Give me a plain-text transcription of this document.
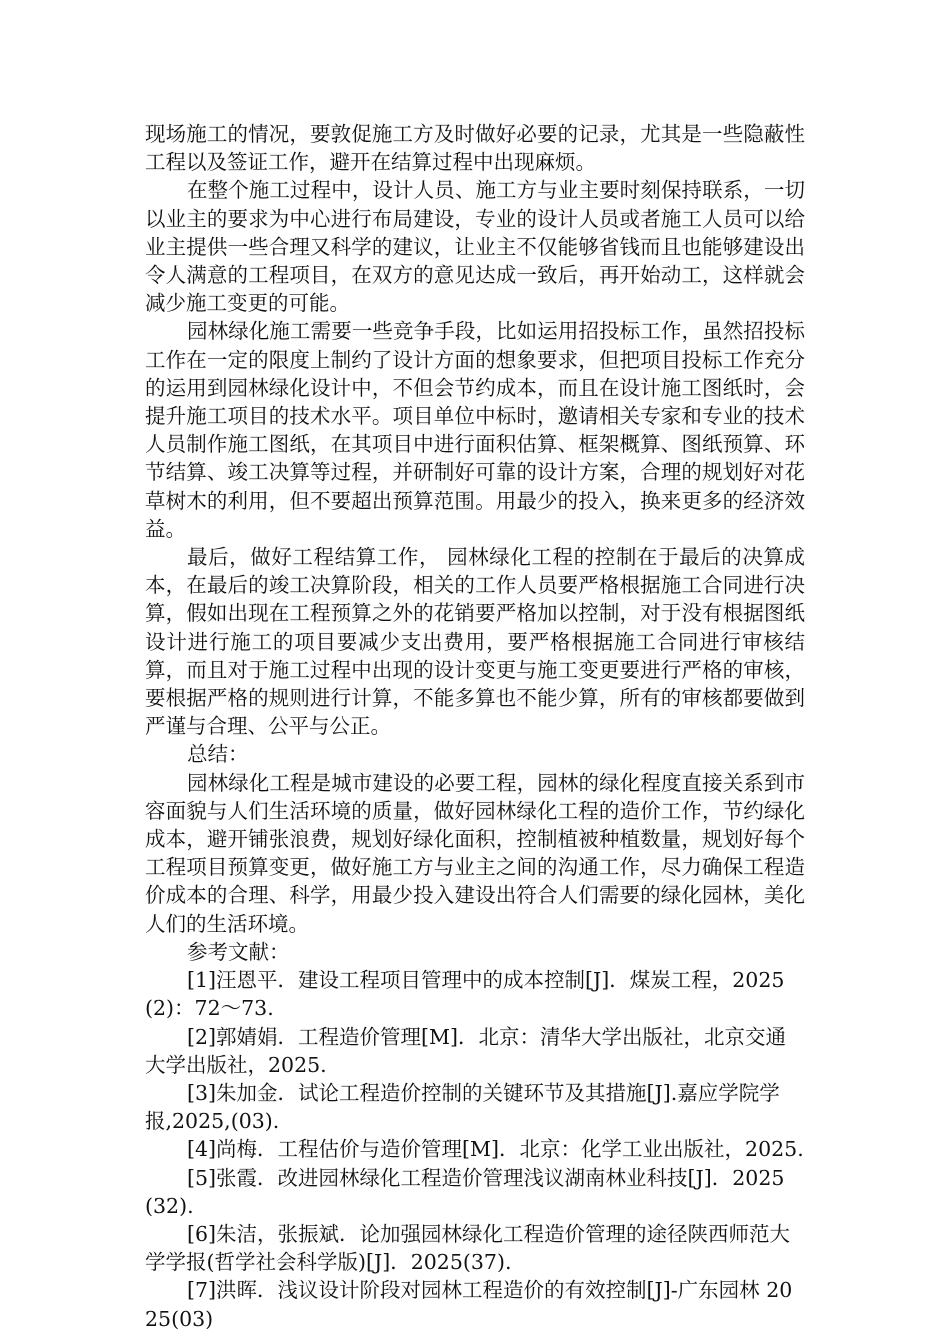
现场施工的情况，要敦促施工方及时做好必要的记录，尤其是一些隐蔽性工程以及签证工作，避开在结算过程中出现麻烦。

在整个施工过程中，设计人员、施工方与业主要时刻保持联系，一切以业主的要求为中心进行布局建设，专业的设计人员或者施工人员可以给业主提供一些合理又科学的建议，让业主不仅能够省钱而且也能够建设出令人满意的工程项目，在双方的意见达成一致后，再开始动工，这样就会减少施工变更的可能。

园林绿化施工需要一些竞争手段，比如运用招投标工作，虽然招投标工作在一定的限度上制约了设计方面的想象要求，但把项目投标工作充分的运用到园林绿化设计中，不但会节约成本，而且在设计施工图纸时，会提升施工项目的技术水平。项目单位中标时，邀请相关专家和专业的技术人员制作施工图纸，在其项目中进行面积估算、框架概算、图纸预算、环节结算、竣工决算等过程，并研制好可靠的设计方案，合理的规划好对花草树木的利用，但不要超出预算范围。用最少的投入，换来更多的经济效益。

最后，做好工程结算工作， 园林绿化工程的控制在于最后的决算成本，在最后的竣工决算阶段，相关的工作人员要严格根据施工合同进行决算，假如出现在工程预算之外的花销要严格加以控制，对于没有根据图纸设计进行施工的项目要减少支出费用，要严格根据施工合同进行审核结算，而且对于施工过程中出现的设计变更与施工变更要进行严格的审核，要根据严格的规则进行计算，不能多算也不能少算，所有的审核都要做到严谨与合理、公平与公正。

总结：

园林绿化工程是城市建设的必要工程，园林的绿化程度直接关系到市容面貌与人们生活环境的质量，做好园林绿化工程的造价工作，节约绿化成本，避开铺张浪费，规划好绿化面积，控制植被种植数量，规划好每个工程项目预算变更，做好施工方与业主之间的沟通工作，尽力确保工程造价成本的合理、科学，用最少投入建设出符合人们需要的绿化园林，美化人们的生活环境。

参考文献：

[1]汪恩平．建设工程项目管理中的成本控制[J]．煤炭工程，2025(2)：72～73.

[2]郭婧娟．工程造价管理[M]．北京：清华大学出版社，北京交通大学出版社，2025.

[3]朱加金．试论工程造价控制的关键环节及其措施[J].嘉应学院学报,2025,(03).

[4]尚梅．工程估价与造价管理[M]．北京：化学工业出版社，2025.

[5]张霞．改进园林绿化工程造价管理浅议湖南林业科技[J]．2025(32).

[6]朱洁，张振斌．论加强园林绿化工程造价管理的途径陕西师范大学学报(哲学社会科学版)[J]．2025(37).

[7]洪晖．浅议设计阶段对园林工程造价的有效控制[J]-广东园林 2025(03)
